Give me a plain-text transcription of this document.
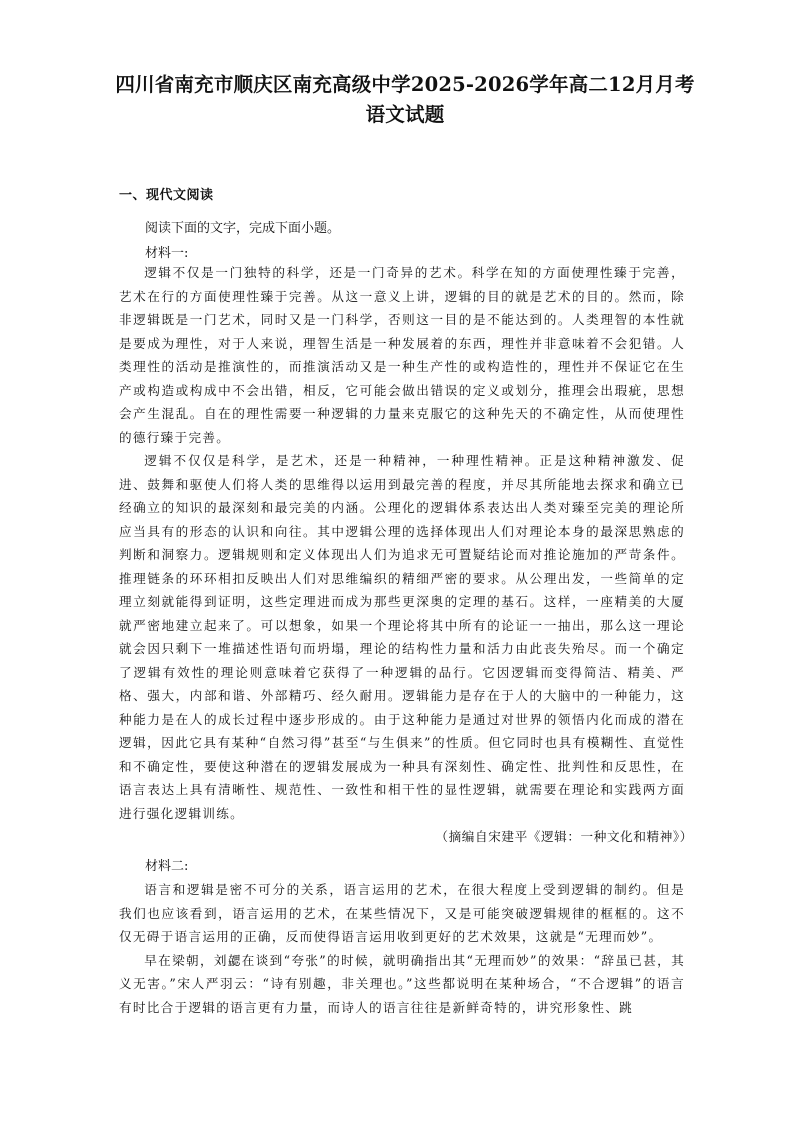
四川省南充市顺庆区南充高级中学2025-2026学年高二12月月考语文试题
一、现代文阅读
阅读下面的文字，完成下面小题。
材料一:

逻辑不仅是一门独特的科学，还是一门奇异的艺术。科学在知的方面使理性臻于完善，艺术在行的方面使理性臻于完善。从这一意义上讲，逻辑的目的就是艺术的目的。然而，除非逻辑既是一门艺术，同时又是一门科学，否则这一目的是不能达到的。人类理智的本性就是要成为理性，对于人来说，理智生活是一种发展着的东西，理性并非意味着不会犯错。人类理性的活动是推演性的，而推演活动又是一种生产性的或构造性的，理性并不保证它在生产或构造或构成中不会出错，相反，它可能会做出错误的定义或划分，推理会出瑕疵，思想会产生混乱。自在的理性需要一种逻辑的力量来克服它的这种先天的不确定性，从而使理性的德行臻于完善。

逻辑不仅仅是科学，是艺术，还是一种精神，一种理性精神。正是这种精神激发、促进、鼓舞和驱使人们将人类的思维得以运用到最完善的程度，并尽其所能地去探求和确立已经确立的知识的最深刻和最完美的内涵。公理化的逻辑体系表达出人类对臻至完美的理论所应当具有的形态的认识和向往。其中逻辑公理的选择体现出人们对理论本身的最深思熟虑的判断和洞察力。逻辑规则和定义体现出人们为追求无可置疑结论而对推论施加的严苛条件。推理链条的环环相扣反映出人们对思维编织的精细严密的要求。从公理出发，一些简单的定理立刻就能得到证明，这些定理进而成为那些更深奥的定理的基石。这样，一座精美的大厦就严密地建立起来了。可以想象，如果一个理论将其中所有的论证一一抽出，那么这一理论就会因只剩下一堆描述性语句而坍塌，理论的结构性力量和活力由此丧失殆尽。而一个确定了逻辑有效性的理论则意味着它获得了一种逻辑的品行。它因逻辑而变得简洁、精美、严格、强大，内部和谐、外部精巧、经久耐用。逻辑能力是存在于人的大脑中的一种能力，这种能力是在人的成长过程中逐步形成的。由于这种能力是通过对世界的领悟内化而成的潜在逻辑，因此它具有某种“自然习得”甚至“与生俱来”的性质。但它同时也具有模糊性、直觉性和不确定性，要使这种潜在的逻辑发展成为一种具有深刻性、确定性、批判性和反思性，在语言表达上具有清晰性、规范性、一致性和相干性的显性逻辑，就需要在理论和实践两方面进行强化逻辑训练。

（摘编自宋建平《逻辑：一种文化和精神》）
材料二:

语言和逻辑是密不可分的关系，语言运用的艺术，在很大程度上受到逻辑的制约。但是我们也应该看到，语言运用的艺术，在某些情况下，又是可能突破逻辑规律的框框的。这不仅无碍于语言运用的正确，反而使得语言运用收到更好的艺术效果，这就是“无理而妙”。

早在梁朝，刘勰在谈到“夸张”的时候，就明确指出其“无理而妙”的效果：“辞虽已甚，其义无害。”宋人严羽云：“诗有别趣，非关理也。”这些都说明在某种场合，“不合逻辑”的语言有时比合于逻辑的语言更有力量，而诗人的语言往往是新鲜奇特的，讲究形象性、跳
